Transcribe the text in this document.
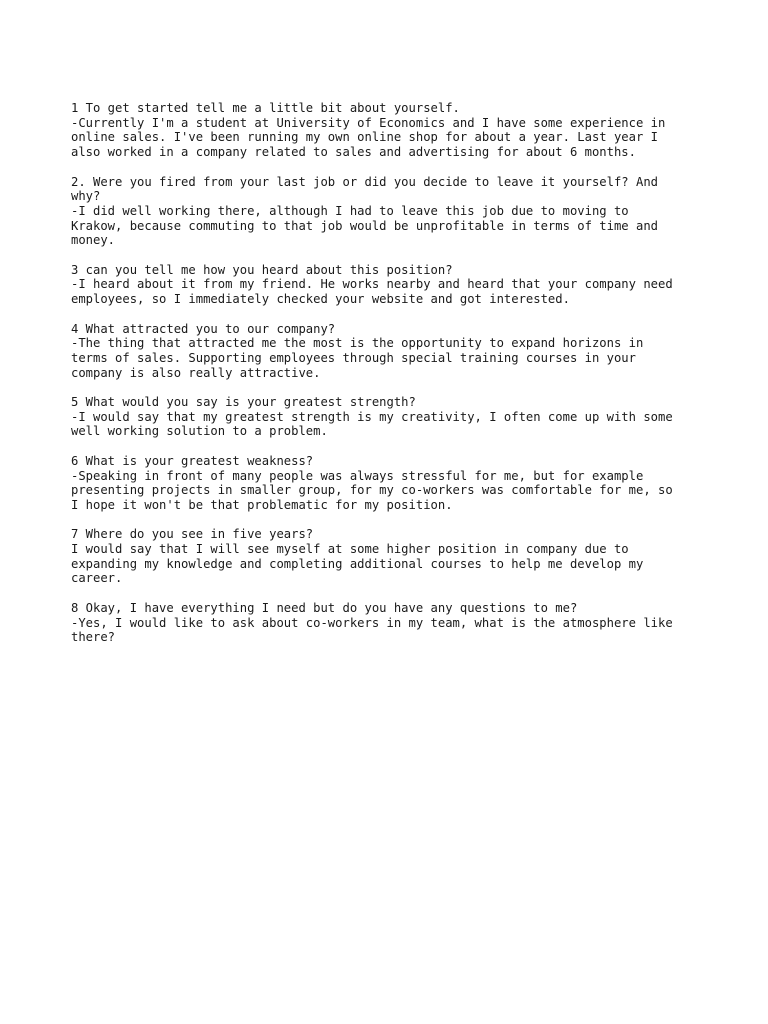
1 To get started tell me a little bit about yourself.
-Currently I'm a student at University of Economics and I have some experience in
online sales. I've been running my own online shop for about a year. Last year I
also worked in a company related to sales and advertising for about 6 months.
2. Were you fired from your last job or did you decide to leave it yourself? And
why?
-I did well working there, although I had to leave this job due to moving to
Krakow, because commuting to that job would be unprofitable in terms of time and
money.
3 can you tell me how you heard about this position?
-I heard about it from my friend. He works nearby and heard that your company need
employees, so I immediately checked your website and got interested.
4 What attracted you to our company?
-The thing that attracted me the most is the opportunity to expand horizons in
terms of sales. Supporting employees through special training courses in your
company is also really attractive.
5 What would you say is your greatest strength?
-I would say that my greatest strength is my creativity, I often come up with some
well working solution to a problem.
6 What is your greatest weakness?
-Speaking in front of many people was always stressful for me, but for example
presenting projects in smaller group, for my co-workers was comfortable for me, so
I hope it won't be that problematic for my position.
7 Where do you see in five years?
I would say that I will see myself at some higher position in company due to
expanding my knowledge and completing additional courses to help me develop my
career.
8 Okay, I have everything I need but do you have any questions to me?
-Yes, I would like to ask about co-workers in my team, what is the atmosphere like
there?
